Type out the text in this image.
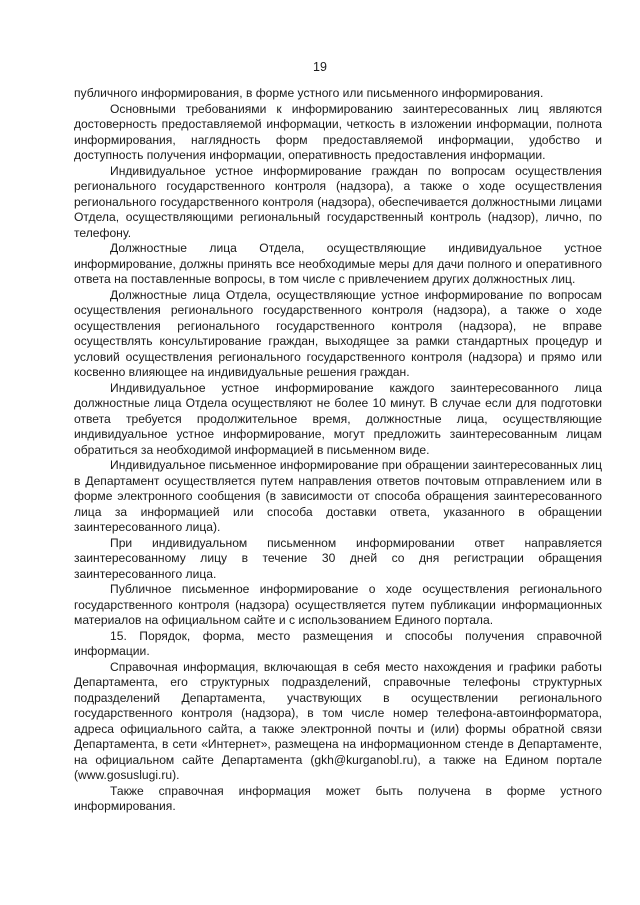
19

публичного информирования, в форме устного или письменного информирования.

Основными требованиями к информированию заинтересованных лиц являются достоверность предоставляемой информации, четкость в изложении информации, полнота информирования, наглядность форм предоставляемой информации, удобство и доступность получения информации, оперативность предоставления информации.

Индивидуальное устное информирование граждан по вопросам осуществления регионального государственного контроля (надзора), а также о ходе осуществления регионального государственного контроля (надзора), обеспечивается должностными лицами Отдела, осуществляющими региональный государственный контроль (надзор), лично, по телефону.

Должностные лица Отдела, осуществляющие индивидуальное устное информирование, должны принять все необходимые меры для дачи полного и оперативного ответа на поставленные вопросы, в том числе с привлечением других должностных лиц.

Должностные лица Отдела, осуществляющие устное информирование по вопросам осуществления регионального государственного контроля (надзора), а также о ходе осуществления регионального государственного контроля (надзора), не вправе осуществлять консультирование граждан, выходящее за рамки стандартных процедур и условий осуществления регионального государственного контроля (надзора) и прямо или косвенно влияющее на индивидуальные решения граждан.

Индивидуальное устное информирование каждого заинтересованного лица должностные лица Отдела осуществляют не более 10 минут. В случае если для подготовки ответа требуется продолжительное время, должностные лица, осуществляющие индивидуальное устное информирование, могут предложить заинтересованным лицам обратиться за необходимой информацией в письменном виде.

Индивидуальное письменное информирование при обращении заинтересованных лиц в Департамент осуществляется путем направления ответов почтовым отправлением или в форме электронного сообщения (в зависимости от способа обращения заинтересованного лица за информацией или способа доставки ответа, указанного в обращении заинтересованного лица).

При индивидуальном письменном информировании ответ направляется заинтересованному лицу в течение 30 дней со дня регистрации обращения заинтересованного лица.

Публичное письменное информирование о ходе осуществления регионального государственного контроля (надзора) осуществляется путем публикации информационных материалов на официальном сайте и с использованием Единого портала.

15. Порядок, форма, место размещения и способы получения справочной информации.

Справочная информация, включающая в себя место нахождения и графики работы Департамента, его структурных подразделений, справочные телефоны структурных подразделений Департамента, участвующих в осуществлении регионального государственного контроля (надзора), в том числе номер телефона-автоинформатора, адреса официального сайта, а также электронной почты и (или) формы обратной связи Департамента, в сети «Интернет», размещена на информационном стенде в Департаменте, на официальном сайте Департамента (gkh@kurganobl.ru), а также на Едином портале (www.gosuslugi.ru).

Также справочная информация может быть получена в форме устного информирования.
